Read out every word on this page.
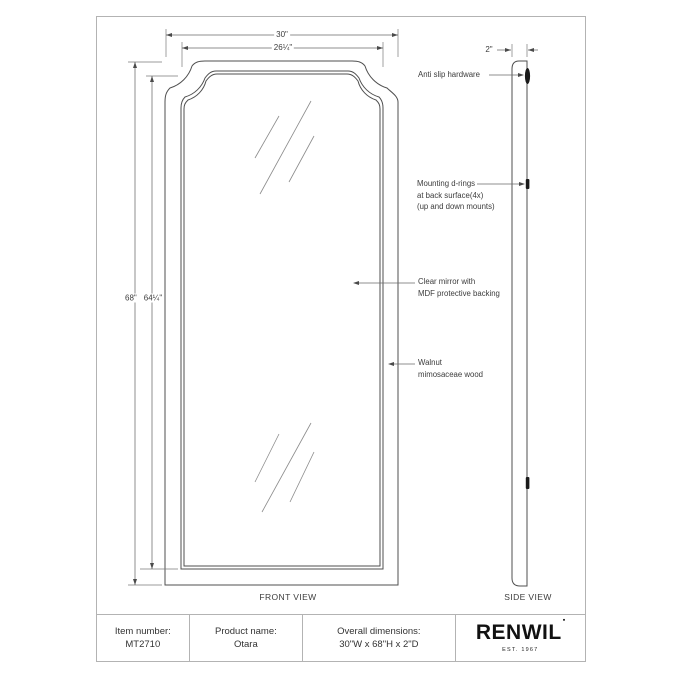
30"
26¼"
68" 64¼"
2"
Anti slip hardware
Mounting d-rings
at back surface(4x)
(up and down mounts)
Clear mirror with
MDF protective backing
Walnut
mimosaceae wood
FRONT VIEW	SIDE VIEW
Item number:
MT2710
Product name:
Otara
Overall dimensions:
30"W x 68"H x 2"D
RENWIL▪
EST. 1967
